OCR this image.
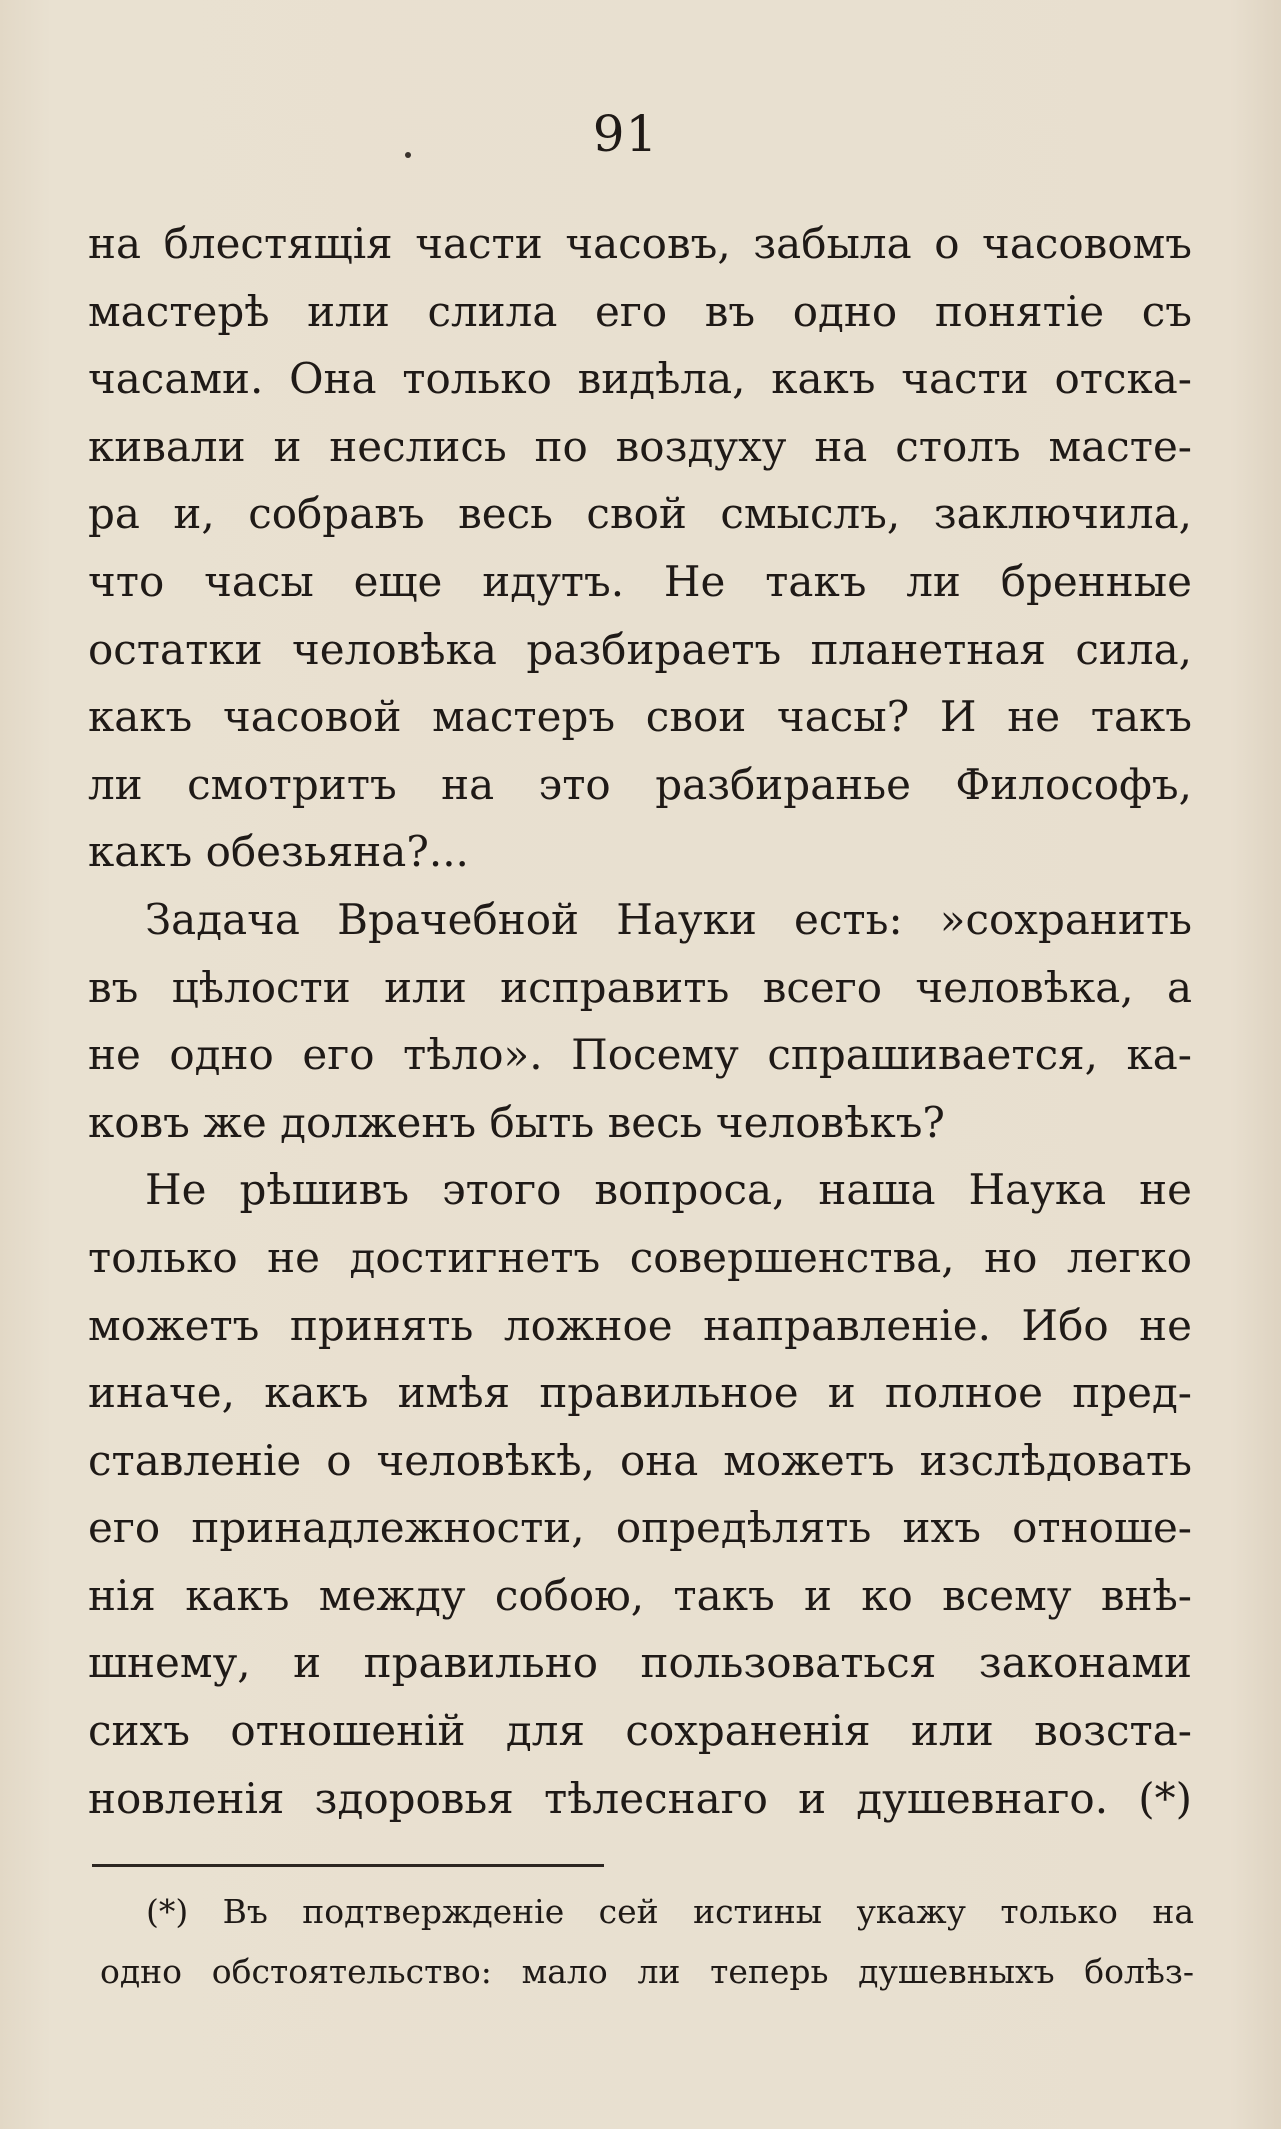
91
на блестящія части часовъ, забыла о часовомъ
мастерѣ или слила его въ одно понятіе съ
часами. Она только видѣла, какъ части отска-
кивали и неслись по воздуху на столъ масте-
ра и, собравъ весь свой смыслъ, заключила,
что часы еще идутъ. Не такъ ли бренные
остатки человѣка разбираетъ планетная сила,
какъ часовой мастеръ свои часы? И не такъ
ли смотритъ на это разбиранье Философъ,
какъ обезьяна?...
Задача Врачебной Науки есть: »сохранить
въ цѣлости или исправить всего человѣка, а
не одно его тѣло». Посему спрашивается, ка-
ковъ же долженъ быть весь человѣкъ?
Не рѣшивъ этого вопроса, наша Наука не
только не достигнетъ совершенства, но легко
можетъ принять ложное направленіе. Ибо не
иначе, какъ имѣя правильное и полное пред-
ставленіе о человѣкѣ, она можетъ изслѣдовать
его принадлежности, опредѣлять ихъ отноше-
нія какъ между собою, такъ и ко всему внѣ-
шнему, и правильно пользоваться законами
сихъ отношеній для сохраненія или возста-
новленія здоровья тѣлеснаго и душевнаго. (*)
(*) Въ подтвержденіе сей истины укажу только на
одно обстоятельство: мало ли теперь душевныхъ болѣз-
